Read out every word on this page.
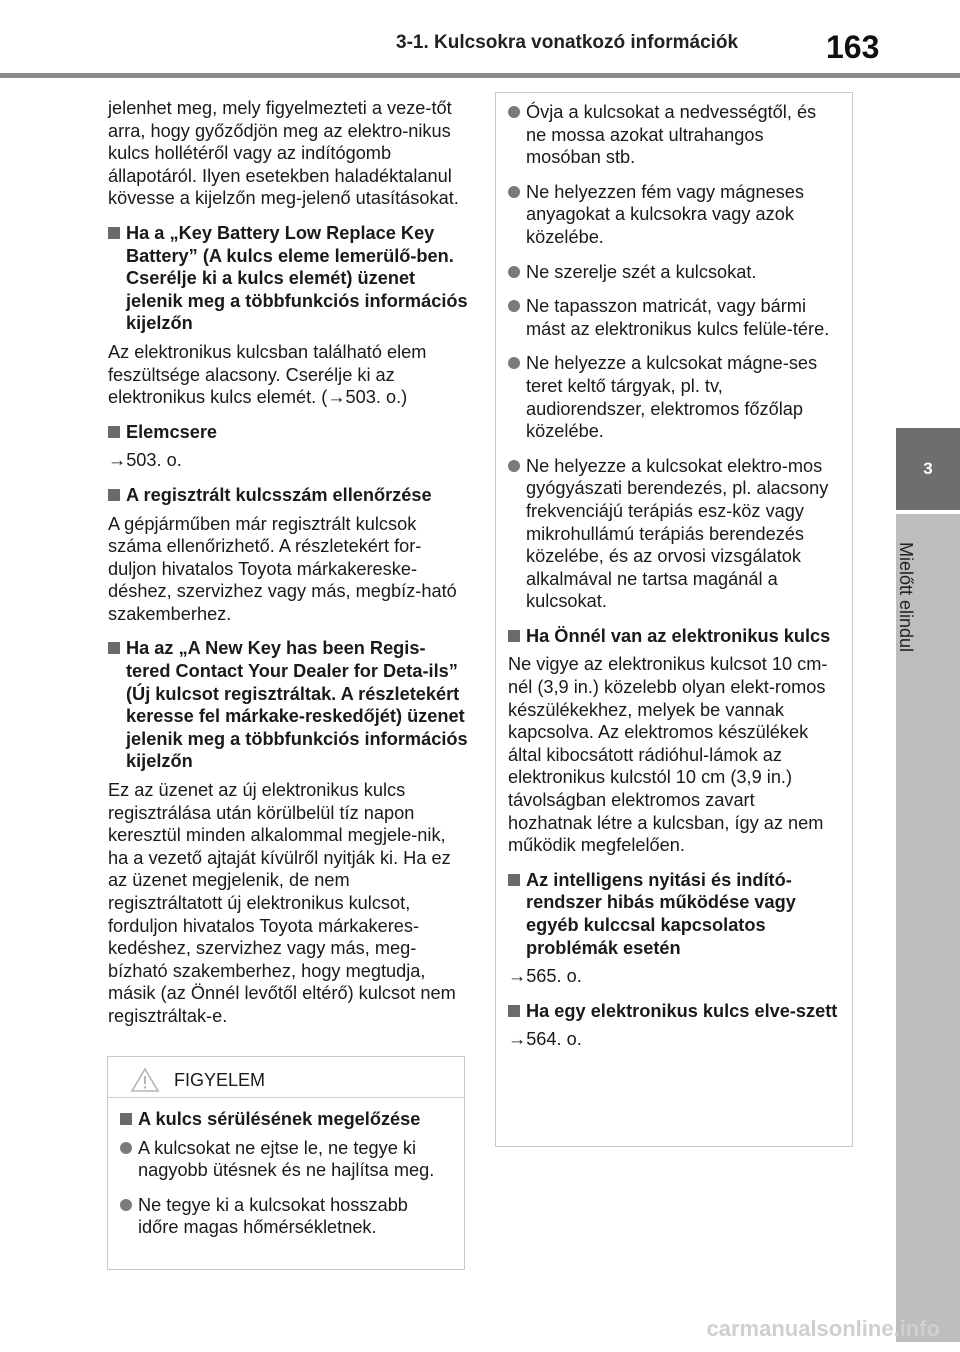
3-1. Kulcsokra vonatkozó információk	163
3
Mielőtt elindul

jelenhet meg, mely figyelmezteti a veze-tőt arra, hogy győződjön meg az elektro-nikus kulcs hollétéről vagy az indítógomb állapotáról. Ilyen esetekben haladéktalanul kövesse a kijelzőn meg-jelenő utasításokat.

Ha a „Key Battery Low Replace Key Battery” (A kulcs eleme lemerülő-ben. Cserélje ki a kulcs elemét) üzenet jelenik meg a többfunkciós információs kijelzőn

Az elektronikus kulcsban található elem feszültsége alacsony. Cserélje ki az elektronikus kulcs elemét. (→503. o.)

Elemcsere

→503. o.

A regisztrált kulcsszám ellenőrzése

A gépjárműben már regisztrált kulcsok száma ellenőrizhető. A részletekért for-duljon hivatalos Toyota márkakereske-déshez, szervizhez vagy más, megbíz-ható szakemberhez.

Ha az „A New Key has been Regis-tered Contact Your Dealer for Deta-ils” (Új kulcsot regisztráltak. A részletekért keresse fel márkake-reskedőjét) üzenet jelenik meg a többfunkciós információs kijelzőn

Ez az üzenet az új elektronikus kulcs regisztrálása után körülbelül tíz napon keresztül minden alkalommal megjele-nik, ha a vezető ajtaját kívülről nyitják ki. Ha ez az üzenet megjelenik, de nem regisztráltatott új elektronikus kulcsot, forduljon hivatalos Toyota márkakeres-kedéshez, szervizhez vagy más, meg-bízható szakemberhez, hogy megtudja, másik (az Önnél levőtől eltérő) kulcsot nem regisztráltak-e.

FIGYELEM
A kulcs sérülésének megelőzése
A kulcsokat ne ejtse le, ne tegye ki nagyobb ütésnek és ne hajlítsa meg.
Ne tegye ki a kulcsokat hosszabb időre magas hőmérsékletnek.
Óvja a kulcsokat a nedvességtől, és ne mossa azokat ultrahangos mosóban stb.
Ne helyezzen fém vagy mágneses anyagokat a kulcsokra vagy azok közelébe.
Ne szerelje szét a kulcsokat.
Ne tapasszon matricát, vagy bármi mást az elektronikus kulcs felüle-tére.
Ne helyezze a kulcsokat mágne-ses teret keltő tárgyak, pl. tv, audiorendszer, elektromos főzőlap közelébe.
Ne helyezze a kulcsokat elektro-mos gyógyászati berendezés, pl. alacsony frekvenciájú terápiás esz-köz vagy mikrohullámú terápiás berendezés közelébe, és az orvosi vizsgálatok alkalmával ne tartsa magánál a kulcsokat.
Ha Önnél van az elektronikus kulcs

Ne vigye az elektronikus kulcsot 10 cm-nél (3,9 in.) közelebb olyan elekt-romos készülékekhez, melyek be vannak kapcsolva. Az elektromos készülékek által kibocsátott rádióhul-lámok az elektronikus kulcstól 10 cm (3,9 in.) távolságban elektromos zavart hozhatnak létre a kulcsban, így az nem működik megfelelően.

Az intelligens nyitási és indító-rendszer hibás működése vagy egyéb kulccsal kapcsolatos problémák esetén

→565. o.

Ha egy elektronikus kulcs elve-szett

→564. o.

carmanualsonline.info
